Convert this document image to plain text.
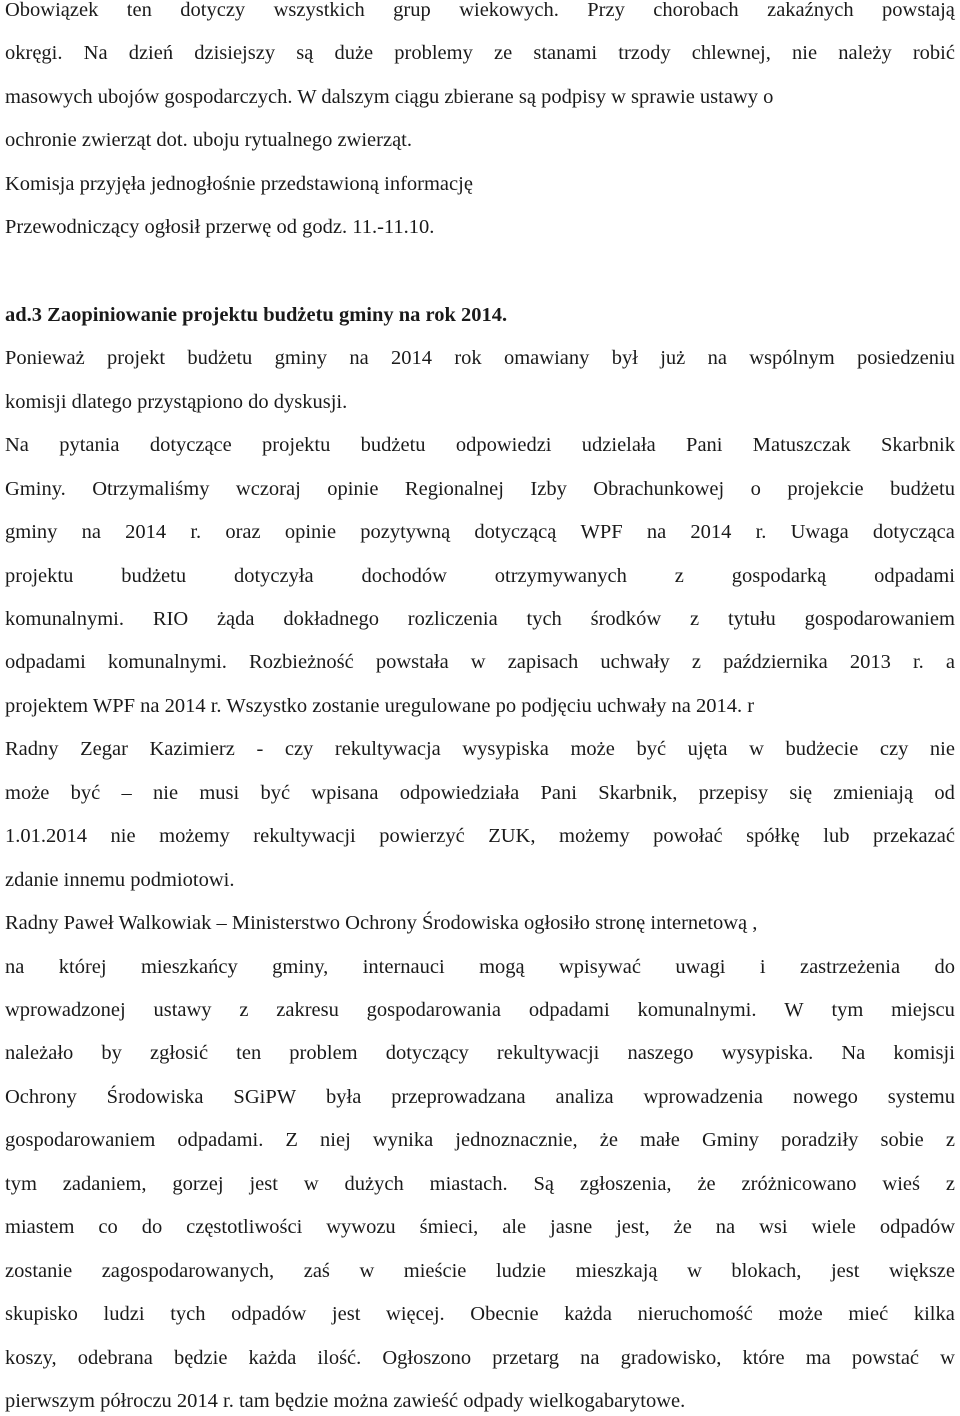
Obowiązek ten dotyczy wszystkich grup wiekowych. Przy chorobach zakaźnych powstają
okręgi. Na dzień dzisiejszy są duże problemy ze stanami trzody chlewnej, nie należy robić
masowych ubojów gospodarczych. W dalszym ciągu zbierane są podpisy w sprawie ustawy o
ochronie zwierząt dot. uboju rytualnego zwierząt.
Komisja przyjęła jednogłośnie przedstawioną informację
Przewodniczący ogłosił przerwę od godz. 11.-11.10.
ad.3 Zaopiniowanie projektu budżetu gminy na rok 2014.
Ponieważ projekt budżetu gminy na 2014 rok omawiany był już na wspólnym posiedzeniu
komisji dlatego przystąpiono do dyskusji.
Na pytania dotyczące projektu budżetu odpowiedzi udzielała Pani Matuszczak Skarbnik
Gminy. Otrzymaliśmy wczoraj opinie Regionalnej Izby Obrachunkowej o projekcie budżetu
gminy na 2014 r. oraz opinie pozytywną dotyczącą WPF na 2014 r. Uwaga dotycząca
projektu budżetu dotyczyła dochodów otrzymywanych z gospodarką odpadami
komunalnymi. RIO żąda dokładnego rozliczenia tych środków z tytułu gospodarowaniem
odpadami komunalnymi. Rozbieżność powstała w zapisach uchwały z października 2013 r. a
projektem WPF na 2014 r. Wszystko zostanie uregulowane po podjęciu uchwały na 2014. r
Radny Zegar Kazimierz - czy rekultywacja wysypiska może być ujęta w budżecie czy nie
może być – nie musi być wpisana odpowiedziała Pani Skarbnik, przepisy się zmieniają od
1.01.2014 nie możemy rekultywacji powierzyć ZUK, możemy powołać spółkę lub przekazać
zdanie innemu podmiotowi.
Radny Paweł Walkowiak – Ministerstwo Ochrony Środowiska ogłosiło stronę internetową ,
na której mieszkańcy gminy, internauci mogą wpisywać uwagi i zastrzeżenia do
wprowadzonej ustawy z zakresu gospodarowania odpadami komunalnymi. W tym miejscu
należało by zgłosić ten problem dotyczący rekultywacji naszego wysypiska. Na komisji
Ochrony Środowiska SGiPW była przeprowadzana analiza wprowadzenia nowego systemu
gospodarowaniem odpadami. Z niej wynika jednoznacznie, że małe Gminy poradziły sobie z
tym zadaniem, gorzej jest w dużych miastach. Są zgłoszenia, że zróżnicowano wieś z
miastem co do częstotliwości wywozu śmieci, ale jasne jest, że na wsi wiele odpadów
zostanie zagospodarowanych, zaś w mieście ludzie mieszkają w blokach, jest większe
skupisko ludzi tych odpadów jest więcej. Obecnie każda nieruchomość może mieć kilka
koszy, odebrana będzie każda ilość. Ogłoszono przetarg na gradowisko, które ma powstać w
pierwszym półroczu 2014 r. tam będzie można zawieść odpady wielkogabarytowe.
